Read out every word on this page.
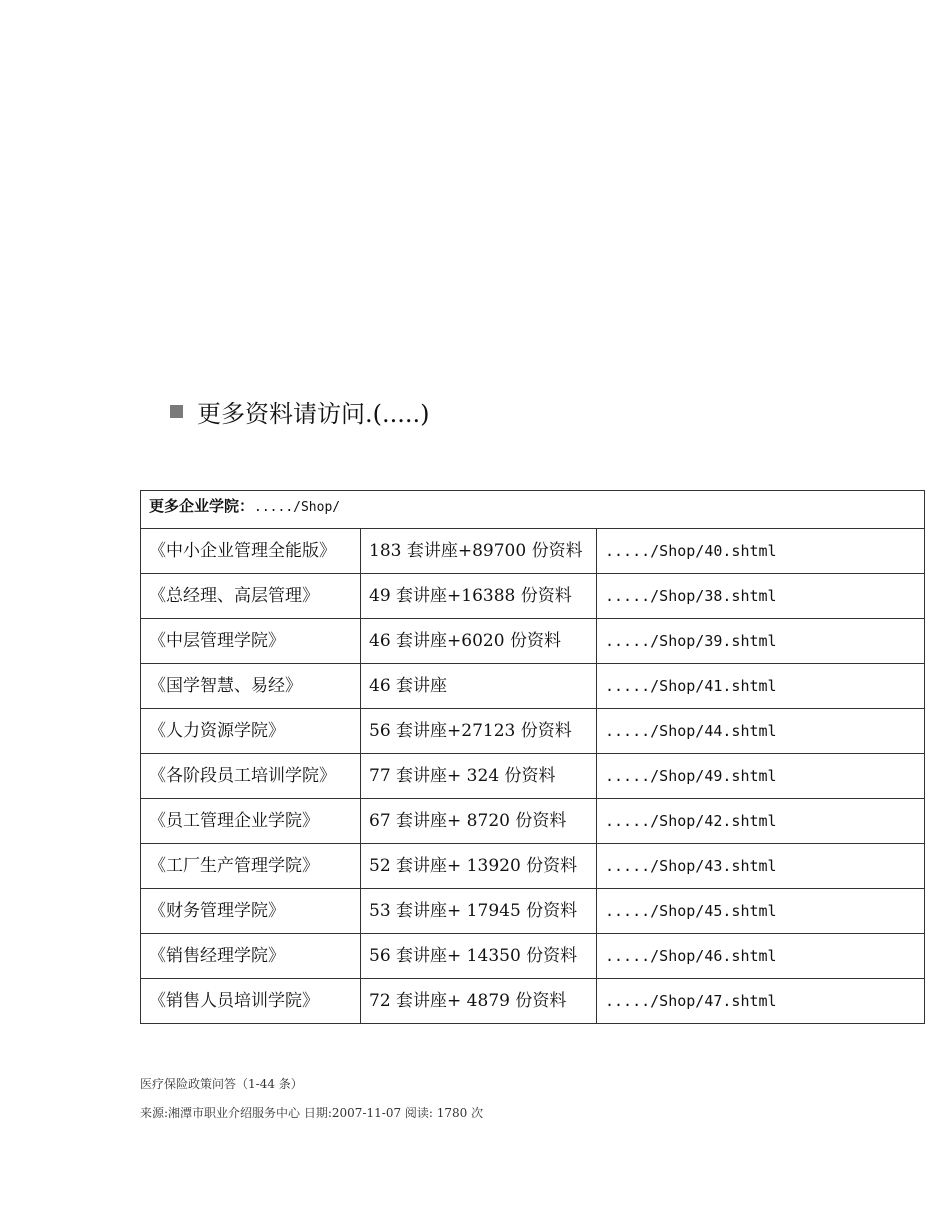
更多资料请访问.(.....)
更多企业学院：...../Shop/		
《中小企业管理全能版》	183 套讲座+89700 份资料	...../Shop/40.shtml
《总经理、高层管理》	49 套讲座+16388 份资料	...../Shop/38.shtml
《中层管理学院》	46 套讲座+6020 份资料	...../Shop/39.shtml
《国学智慧、易经》	46 套讲座	...../Shop/41.shtml
《人力资源学院》	56 套讲座+27123 份资料	...../Shop/44.shtml
《各阶段员工培训学院》	77 套讲座+ 324 份资料	...../Shop/49.shtml
《员工管理企业学院》	67 套讲座+ 8720 份资料	...../Shop/42.shtml
《工厂生产管理学院》	52 套讲座+ 13920 份资料	...../Shop/43.shtml
《财务管理学院》	53 套讲座+ 17945 份资料	...../Shop/45.shtml
《销售经理学院》	56 套讲座+ 14350 份资料	...../Shop/46.shtml
《销售人员培训学院》	72 套讲座+ 4879 份资料	...../Shop/47.shtml
医疗保险政策问答（1-44 条）
来源:湘潭市职业介绍服务中心 日期:2007-11-07 阅读: 1780 次
